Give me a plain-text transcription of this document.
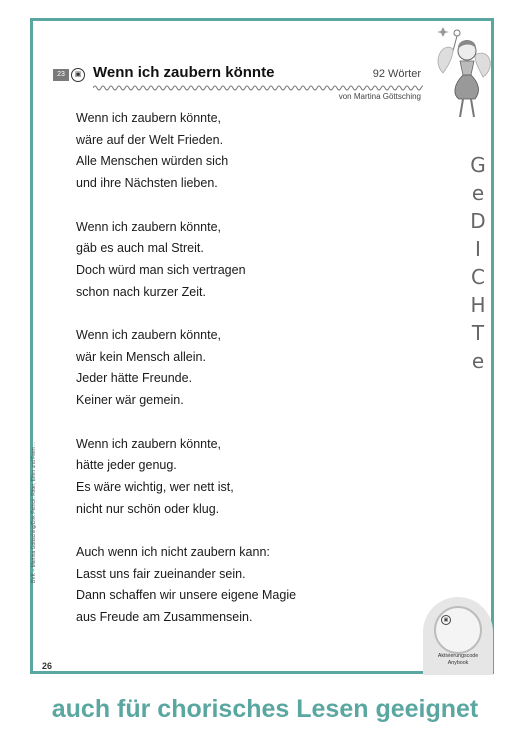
23	▣ Wenn ich zaubern könnte	92 Wörter
von Martina Göttsching
Wenn ich zaubern könnte,
wäre auf der Welt Frieden.
Alle Menschen würden sich
und ihre Nächsten lieben.
Wenn ich zaubern könnte,
gäb es auch mal Streit.
Doch würd man sich vertragen
schon nach kurzer Zeit.
Wenn ich zaubern könnte,
wär kein Mensch allein.
Jeder hätte Freunde.
Keiner wär gemein.
Wenn ich zaubern könnte,
hätte jeder genug.
Es wäre wichtig, wer nett ist,
nicht nur schön oder klug.
Auch wenn ich nicht zaubern kann:
Lasst uns fair zueinander sein.
Dann schaffen wir unsere eigene Magie
aus Freude am Zusammensein.
G
e
D
I
C
H
T
e
BVK – Martina Göttsching/Dirk Petrick: Ritter, Elfen und Feen ...
26
▣
Aktivierungscode
Anybook
auch für chorisches Lesen geeignet
